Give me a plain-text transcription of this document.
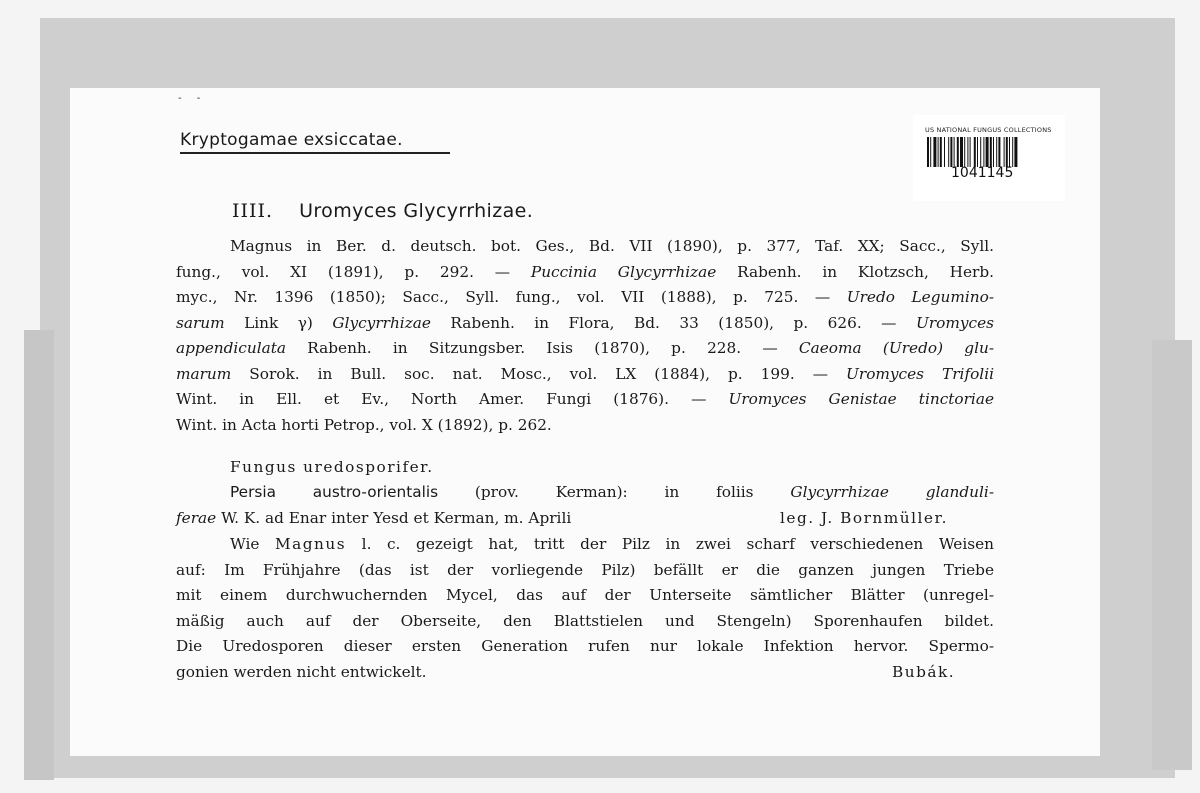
- -
Kryptogamae exsiccatae.	US NATIONAL FUNGUS COLLECTIONS
1041145
IIII. Uromyces Glycyrrhizae.
Magnus in Ber. d. deutsch. bot. Ges., Bd. VII (1890), p. 377, Taf. XX; Sacc., Syll.
fung., vol. XI (1891), p. 292. — Puccinia Glycyrrhizae Rabenh. in Klotzsch, Herb.
myc., Nr. 1396 (1850); Sacc., Syll. fung., vol. VII (1888), p. 725. — Uredo Legumino-
sarum Link γ) Glycyrrhizae Rabenh. in Flora, Bd. 33 (1850), p. 626. — Uromyces
appendiculata Rabenh. in Sitzungsber. Isis (1870), p. 228. — Caeoma (Uredo) glu-
marum Sorok. in Bull. soc. nat. Mosc., vol. LX (1884), p. 199. — Uromyces Trifolii
Wint. in Ell. et Ev., North Amer. Fungi (1876). — Uromyces Genistae tinctoriae
Wint. in Acta horti Petrop., vol. X (1892), p. 262.
Fungus uredosporifer.
Persia austro-orientalis (prov. Kerman): in foliis Glycyrrhizae glanduli-
ferae W. K. ad Enar inter Yesd et Kerman, m. Aprili	leg. J. Bornmüller.
Wie Magnus l. c. gezeigt hat, tritt der Pilz in zwei scharf verschiedenen Weisen
auf: Im Frühjahre (das ist der vorliegende Pilz) befällt er die ganzen jungen Triebe
mit einem durchwuchernden Mycel, das auf der Unterseite sämtlicher Blätter (unregel-
mäßig auch auf der Oberseite, den Blattstielen und Stengeln) Sporenhaufen bildet.
Die Uredosporen dieser ersten Generation rufen nur lokale Infektion hervor. Spermo-
gonien werden nicht entwickelt.	Bubák.
